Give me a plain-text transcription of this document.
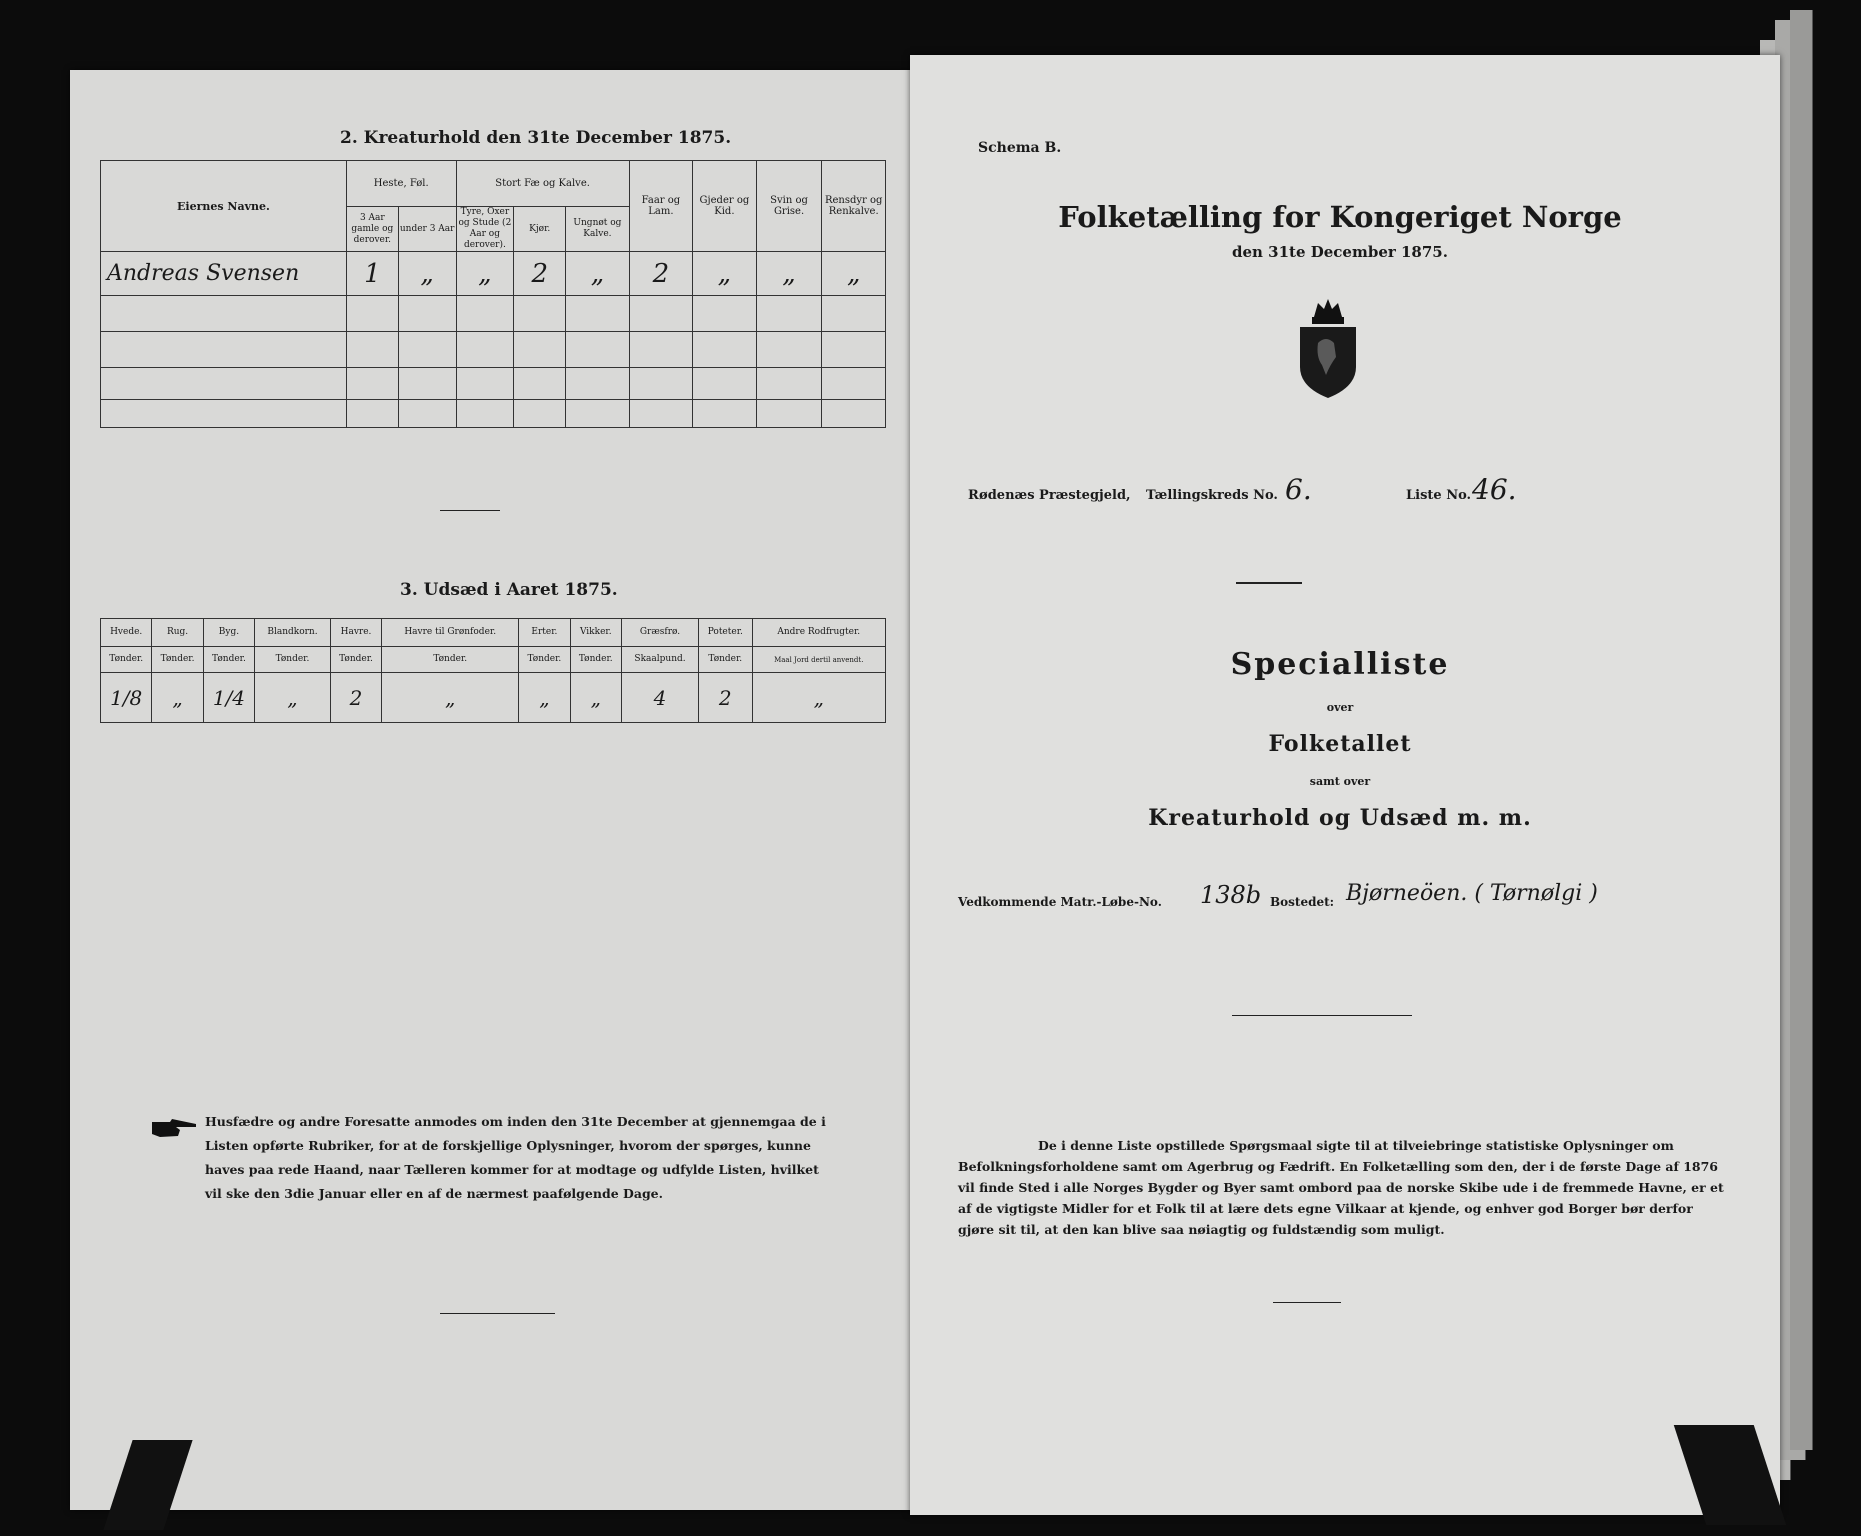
2. Kreaturhold den 31te December 1875.
Eiernes Navne.	Heste, Føl.		Stort Fæ og Kalve.			Faar og Lam.	Gjeder og Kid.	Svin og Grise.	Rensdyr og Renkalve.
	3 Aar gamle og derover.	under 3 Aar	Tyre, Oxer og Stude (2 Aar og derover).	Kjør.	Ungnøt og Kalve.				
Andreas Svensen	1	„	„	2	„	2	„	„	„

3. Udsæd i Aaret 1875.
Hvede.	Rug.	Byg.	Blandkorn.	Havre.	Havre til Grønfoder.	Erter.	Vikker.	Græsfrø.	Poteter.	Andre Rodfrugter.
Tønder.	Tønder.	Tønder.	Tønder.	Tønder.	Tønder.	Tønder.	Tønder.	Skaalpund.	Tønder.	Maal Jord dertil anvendt.
1/8	„	1/4	„	2	„	„	„	4	2	„
Husfædre og andre Foresatte anmodes om inden den 31te December at gjennemgaa de i Listen opførte Rubriker, for at de forskjellige Oplysninger, hvorom der spørges, kunne haves paa rede Haand, naar Tælleren kommer for at modtage og udfylde Listen, hvilket vil ske den 3die Januar eller en af de nærmest paafølgende Dage.
Schema B.
Folketælling for Kongeriget Norge
den 31te December 1875.
Rødenæs Præstegjeld, Tællingskreds No. 6.	Liste No. 46.
Specialliste
over
Folketallet
samt over
Kreaturhold og Udsæd m. m.
Vedkommende Matr.-Løbe-No. 138b Bostedet: Bjørneöen. ( Tørnølgi )
De i denne Liste opstillede Spørgsmaal sigte til at tilveiebringe statistiske Oplysninger om Befolkningsforholdene samt om Agerbrug og Fædrift. En Folketælling som den, der i de første Dage af 1876 vil finde Sted i alle Norges Bygder og Byer samt ombord paa de norske Skibe ude i de fremmede Havne, er et af de vigtigste Midler for et Folk til at lære dets egne Vilkaar at kjende, og enhver god Borger bør derfor gjøre sit til, at den kan blive saa nøiagtig og fuldstændig som muligt.
